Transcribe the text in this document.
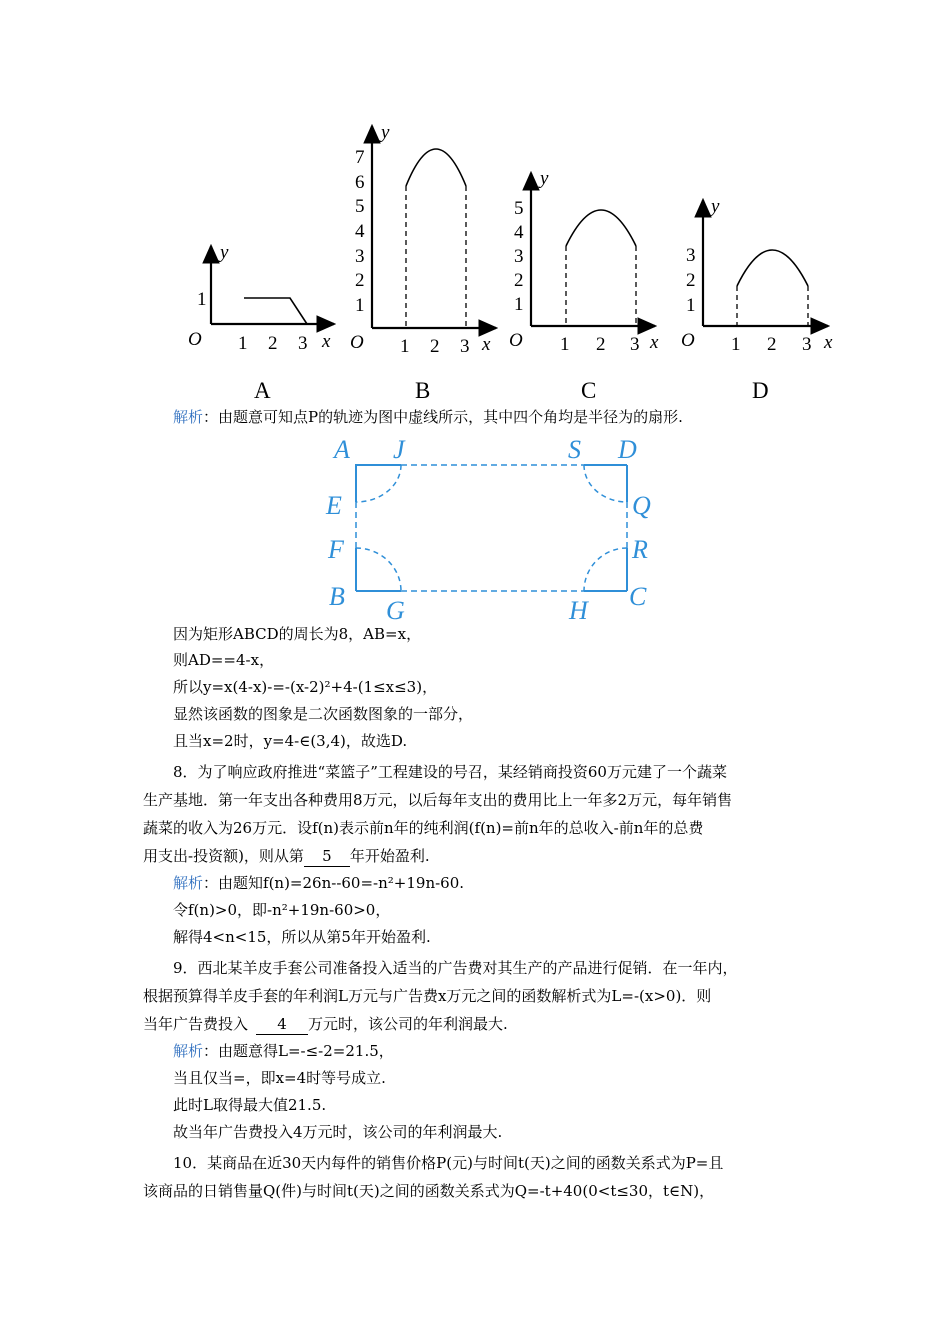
y
x
O
1
1 2 3
A
y
x
O
1
2
3
4
5
6
7
1 2 3
B
y
x
O
1
2
3
4
5
1 2 3
C
y
x
O
1
2
3
1 2 3
D
解析：由题意可知点P的轨迹为图中虚线所示，其中四个角均是半径为的扇形.
A J	S D
E	Q
F	R
B G	H C
因为矩形ABCD的周长为8，AB=x，
则AD==4-x，
所以y=x(4-x)-=-(x-2)²+4-(1≤x≤3)，
显然该函数的图象是二次函数图象的一部分，
且当x=2时，y=4-∈(3,4)，故选D.
8．为了响应政府推进“菜篮子”工程建设的号召，某经销商投资60万元建了一个蔬菜
生产基地．第一年支出各种费用8万元，以后每年支出的费用比上一年多2万元，每年销售
蔬菜的收入为26万元．设f(n)表示前n年的纯利润(f(n)=前n年的总收入-前n年的总费
用支出-投资额)，则从第 5 年开始盈利.
解析：由题知f(n)=26n--60=-n²+19n-60.
令f(n)>0，即-n²+19n-60>0，
解得4<n<15，所以从第5年开始盈利.
9．西北某羊皮手套公司准备投入适当的广告费对其生产的产品进行促销．在一年内，
根据预算得羊皮手套的年利润L万元与广告费x万元之间的函数解析式为L=-(x>0)．则
当年广告费投入 4 万元时，该公司的年利润最大.
解析：由题意得L=-≤-2=21.5，
当且仅当=，即x=4时等号成立.
此时L取得最大值21.5.
故当年广告费投入4万元时，该公司的年利润最大.
10．某商品在近30天内每件的销售价格P(元)与时间t(天)之间的函数关系式为P=且
该商品的日销售量Q(件)与时间t(天)之间的函数关系式为Q=-t+40(0<t≤30，t∈N)，
